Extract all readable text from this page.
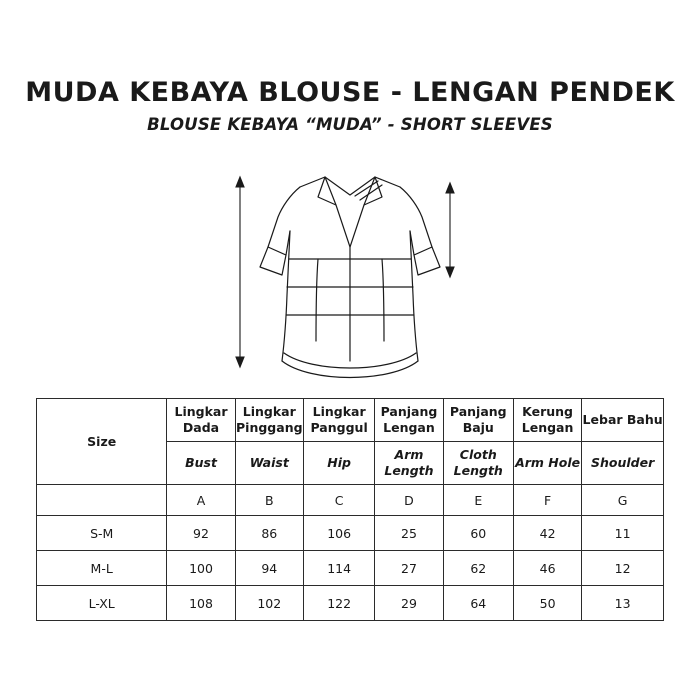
MUDA KEBAYA BLOUSE - LENGAN PENDEK
BLOUSE KEBAYA “MUDA” - SHORT SLEEVES
Size	Lingkar Dada	Lingkar Pinggang	Lingkar Panggul	Panjang Lengan	Panjang Baju	Kerung Lengan	Lebar Bahu
	Bust	Waist	Hip	Arm Length	Cloth Length	Arm Hole	Shoulder
	A	B	C	D	E	F	G
S-M	92	86	106	25	60	42	11
M-L	100	94	114	27	62	46	12
L-XL	108	102	122	29	64	50	13
